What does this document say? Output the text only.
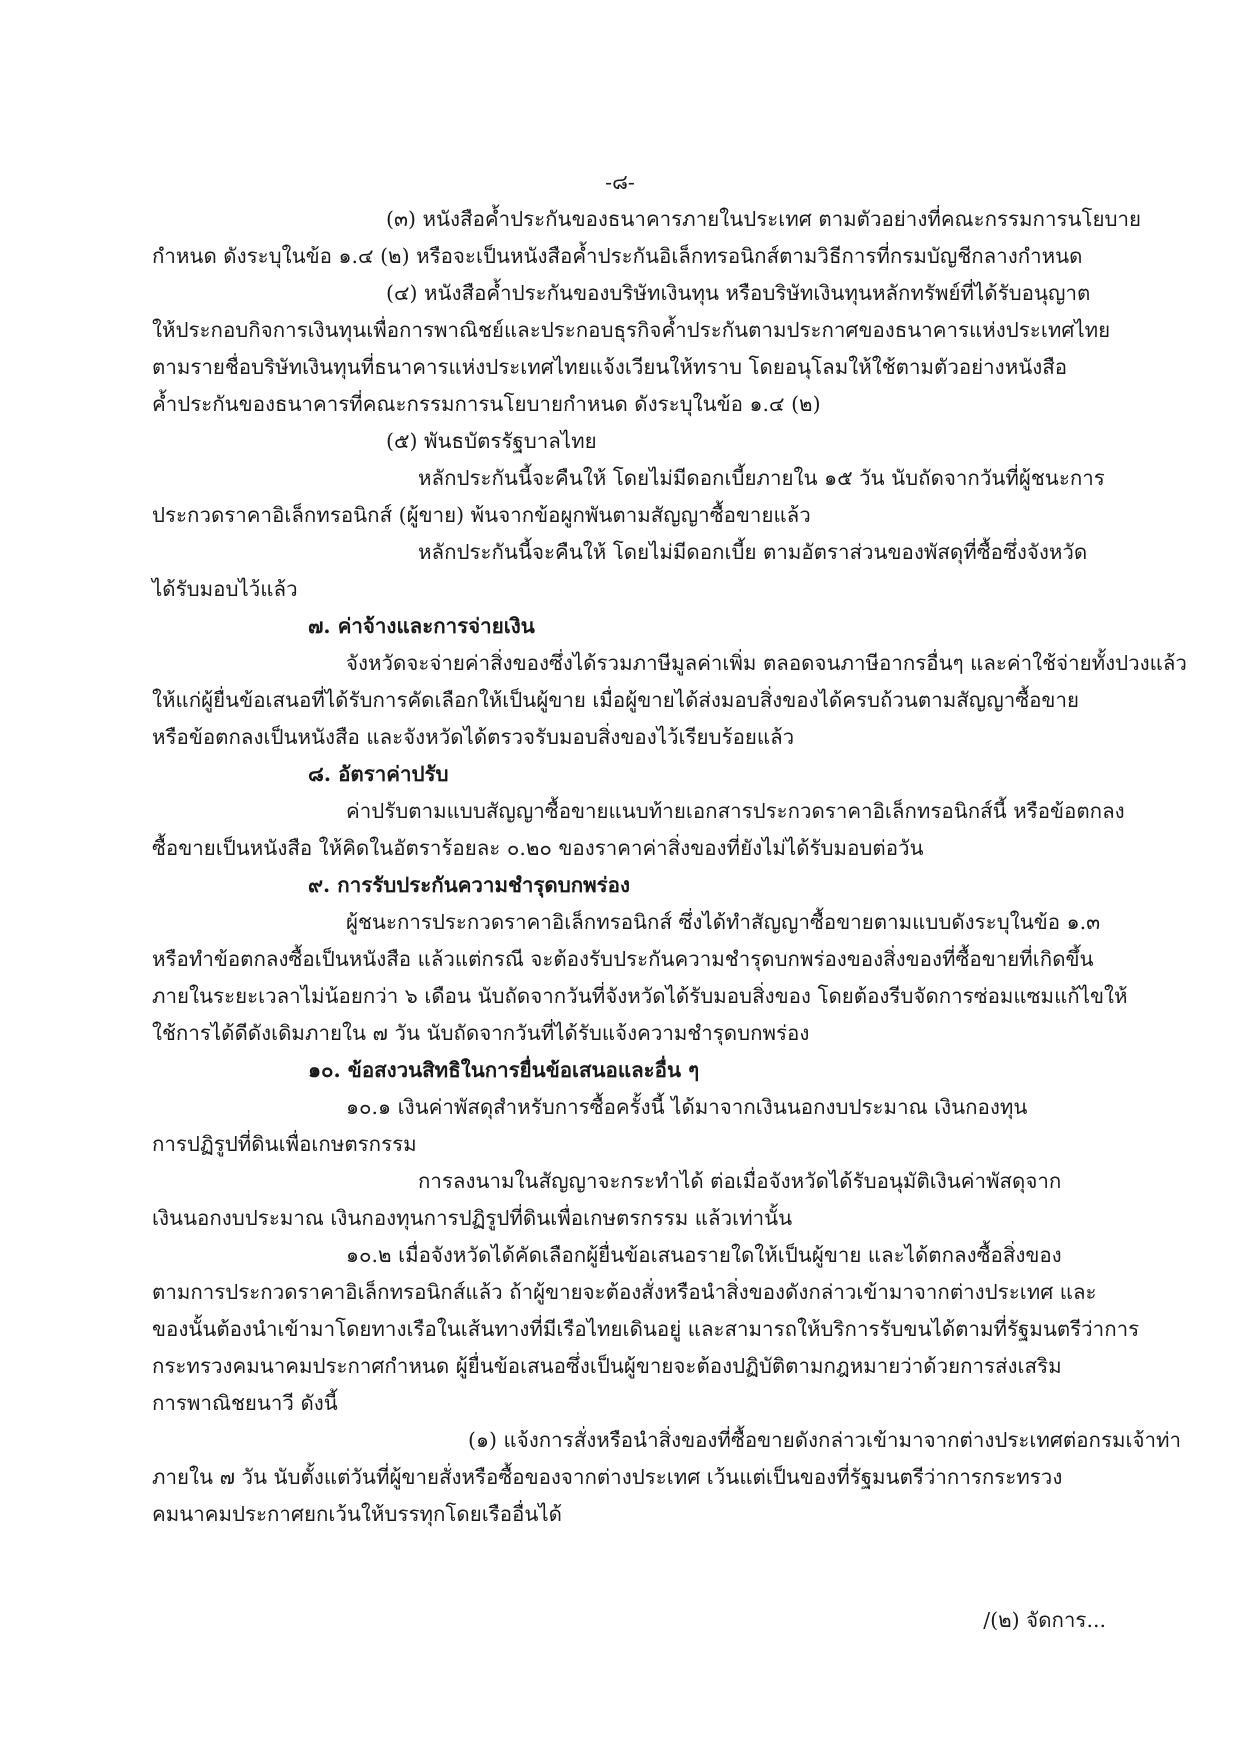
-๘-
(๓) หนังสือค้ำประกันของธนาคารภายในประเทศ ตามตัวอย่างที่คณะกรรมการนโยบาย
กำหนด ดังระบุในข้อ ๑.๔ (๒) หรือจะเป็นหนังสือค้ำประกันอิเล็กทรอนิกส์ตามวิธีการที่กรมบัญชีกลางกำหนด
(๔) หนังสือค้ำประกันของบริษัทเงินทุน หรือบริษัทเงินทุนหลักทรัพย์ที่ได้รับอนุญาต
ให้ประกอบกิจการเงินทุนเพื่อการพาณิชย์และประกอบธุรกิจค้ำประกันตามประกาศของธนาคารแห่งประเทศไทย
ตามรายชื่อบริษัทเงินทุนที่ธนาคารแห่งประเทศไทยแจ้งเวียนให้ทราบ โดยอนุโลมให้ใช้ตามตัวอย่างหนังสือ
ค้ำประกันของธนาคารที่คณะกรรมการนโยบายกำหนด ดังระบุในข้อ ๑.๔ (๒)
(๕) พันธบัตรรัฐบาลไทย
หลักประกันนี้จะคืนให้ โดยไม่มีดอกเบี้ยภายใน ๑๕ วัน นับถัดจากวันที่ผู้ชนะการ
ประกวดราคาอิเล็กทรอนิกส์ (ผู้ขาย) พ้นจากข้อผูกพันตามสัญญาซื้อขายแล้ว
หลักประกันนี้จะคืนให้ โดยไม่มีดอกเบี้ย ตามอัตราส่วนของพัสดุที่ซื้อซึ่งจังหวัด
ได้รับมอบไว้แล้ว
๗. ค่าจ้างและการจ่ายเงิน
จังหวัดจะจ่ายค่าสิ่งของซึ่งได้รวมภาษีมูลค่าเพิ่ม ตลอดจนภาษีอากรอื่นๆ และค่าใช้จ่ายทั้งปวงแล้ว
ให้แก่ผู้ยื่นข้อเสนอที่ได้รับการคัดเลือกให้เป็นผู้ขาย เมื่อผู้ขายได้ส่งมอบสิ่งของได้ครบถ้วนตามสัญญาซื้อขาย
หรือข้อตกลงเป็นหนังสือ และจังหวัดได้ตรวจรับมอบสิ่งของไว้เรียบร้อยแล้ว
๘. อัตราค่าปรับ
ค่าปรับตามแบบสัญญาซื้อขายแนบท้ายเอกสารประกวดราคาอิเล็กทรอนิกส์นี้ หรือข้อตกลง
ซื้อขายเป็นหนังสือ ให้คิดในอัตราร้อยละ ๐.๒๐ ของราคาค่าสิ่งของที่ยังไม่ได้รับมอบต่อวัน
๙. การรับประกันความชำรุดบกพร่อง
ผู้ชนะการประกวดราคาอิเล็กทรอนิกส์ ซึ่งได้ทำสัญญาซื้อขายตามแบบดังระบุในข้อ ๑.๓
หรือทำข้อตกลงซื้อเป็นหนังสือ แล้วแต่กรณี จะต้องรับประกันความชำรุดบกพร่องของสิ่งของที่ซื้อขายที่เกิดขึ้น
ภายในระยะเวลาไม่น้อยกว่า ๖ เดือน นับถัดจากวันที่จังหวัดได้รับมอบสิ่งของ โดยต้องรีบจัดการซ่อมแซมแก้ไขให้
ใช้การได้ดีดังเดิมภายใน ๗ วัน นับถัดจากวันที่ได้รับแจ้งความชำรุดบกพร่อง
๑๐. ข้อสงวนสิทธิในการยื่นข้อเสนอและอื่น ๆ
๑๐.๑ เงินค่าพัสดุสำหรับการซื้อครั้งนี้ ได้มาจากเงินนอกงบประมาณ เงินกองทุน
การปฏิรูปที่ดินเพื่อเกษตรกรรม
การลงนามในสัญญาจะกระทำได้ ต่อเมื่อจังหวัดได้รับอนุมัติเงินค่าพัสดุจาก
เงินนอกงบประมาณ เงินกองทุนการปฏิรูปที่ดินเพื่อเกษตรกรรม แล้วเท่านั้น
๑๐.๒ เมื่อจังหวัดได้คัดเลือกผู้ยื่นข้อเสนอรายใดให้เป็นผู้ขาย และได้ตกลงซื้อสิ่งของ
ตามการประกวดราคาอิเล็กทรอนิกส์แล้ว ถ้าผู้ขายจะต้องสั่งหรือนำสิ่งของดังกล่าวเข้ามาจากต่างประเทศ และ
ของนั้นต้องนำเข้ามาโดยทางเรือในเส้นทางที่มีเรือไทยเดินอยู่ และสามารถให้บริการรับขนได้ตามที่รัฐมนตรีว่าการ
กระทรวงคมนาคมประกาศกำหนด ผู้ยื่นข้อเสนอซึ่งเป็นผู้ขายจะต้องปฏิบัติตามกฎหมายว่าด้วยการส่งเสริม
การพาณิชยนาวี ดังนี้
(๑) แจ้งการสั่งหรือนำสิ่งของที่ซื้อขายดังกล่าวเข้ามาจากต่างประเทศต่อกรมเจ้าท่า
ภายใน ๗ วัน นับตั้งแต่วันที่ผู้ขายสั่งหรือซื้อของจากต่างประเทศ เว้นแต่เป็นของที่รัฐมนตรีว่าการกระทรวง
คมนาคมประกาศยกเว้นให้บรรทุกโดยเรืออื่นได้
/(๒) จัดการ...
